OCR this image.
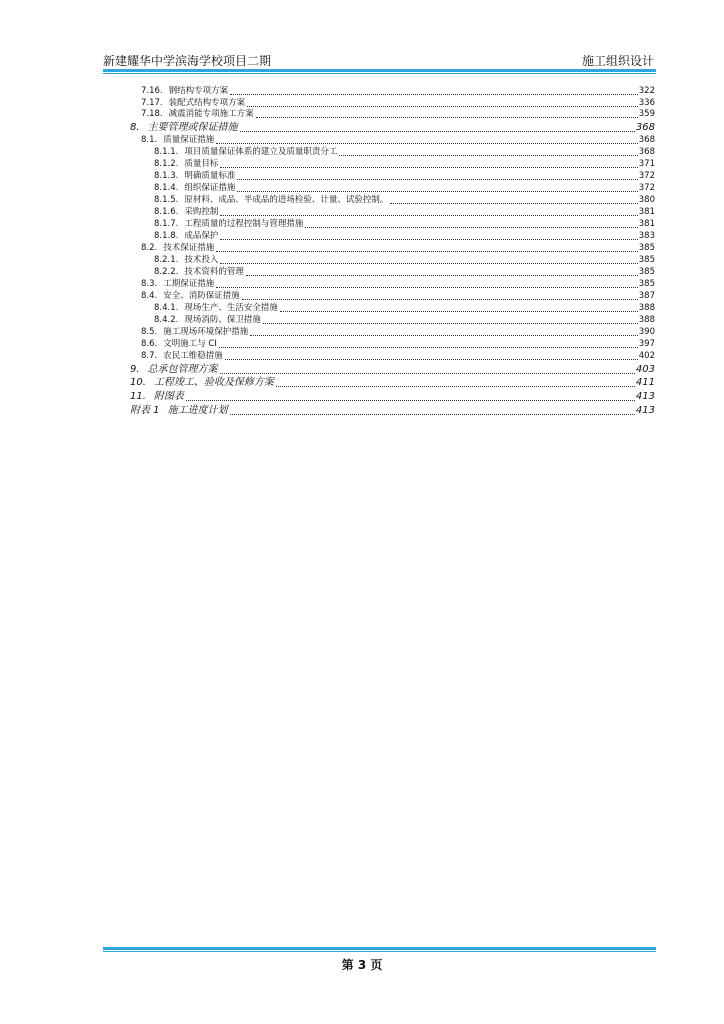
新建耀华中学滨海学校项目二期	施工组织设计
7.16. 钢结构专项方案	322
7.17. 装配式结构专项方案	336
7.18. 减震消能专项施工方案	359
8. 主要管理或保证措施	368
8.1. 质量保证措施	368
8.1.1. 项目质量保证体系的建立及质量职责分工	368
8.1.2. 质量目标	371
8.1.3. 明确质量标准	372
8.1.4. 组织保证措施	372
8.1.5. 原材料、成品、半成品的进场检验、计量、试验控制。	380
8.1.6. 采购控制	381
8.1.7. 工程质量的过程控制与管理措施	381
8.1.8. 成品保护	383
8.2. 技术保证措施	385
8.2.1. 技术投入	385
8.2.2. 技术资料的管理	385
8.3. 工期保证措施	385
8.4. 安全、消防保证措施	387
8.4.1. 现场生产、生活安全措施	388
8.4.2. 现场消防、保卫措施	388
8.5. 施工现场环境保护措施	390
8.6. 文明施工与 CI	397
8.7. 农民工维稳措施	402
9. 总承包管理方案	403
10. 工程竣工、验收及保修方案	411
11. 附图表	413
附表 1 施工进度计划	413
第 3 页
